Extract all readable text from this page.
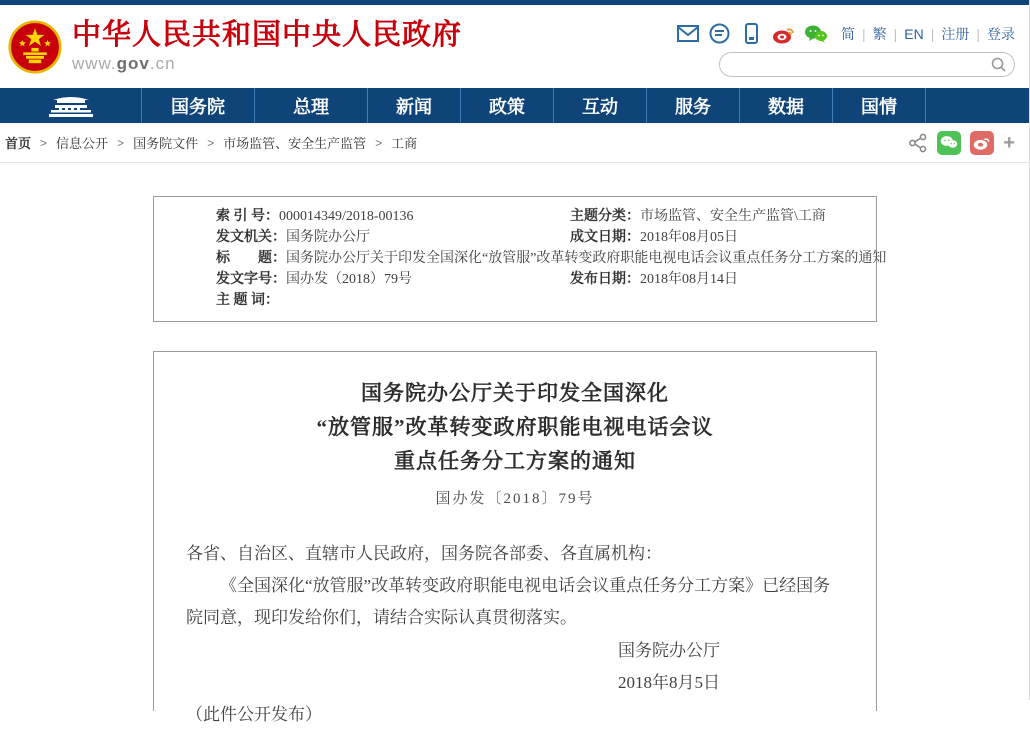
中华人民共和国中央人民政府
www.gov.cn
简 | 繁 | EN | 注册 | 登录
国务院	总理	新闻	政策	互动	服务	数据	国情
首页 > 信息公开 > 国务院文件 > 市场监管、安全生产监管 > 工商	+
索 引 号：000014349/2018-00136	主题分类：市场监管、安全生产监管\工商
发文机关：国务院办公厅	成文日期：2018年08月05日
标　　题：国务院办公厅关于印发全国深化“放管服”改革转变政府职能电视电话会议重点任务分工方案的通知
发文字号：国办发（2018）79号	发布日期：2018年08月14日
主 题 词：
国务院办公厅关于印发全国深化
“放管服”改革转变政府职能电视电话会议
重点任务分工方案的通知
国办发〔2018〕79号
各省、自治区、直辖市人民政府，国务院各部委、各直属机构：
《全国深化“放管服”改革转变政府职能电视电话会议重点任务分工方案》已经国务院同意，现印发给你们，请结合实际认真贯彻落实。
国务院办公厅
2018年8月5日
（此件公开发布）
